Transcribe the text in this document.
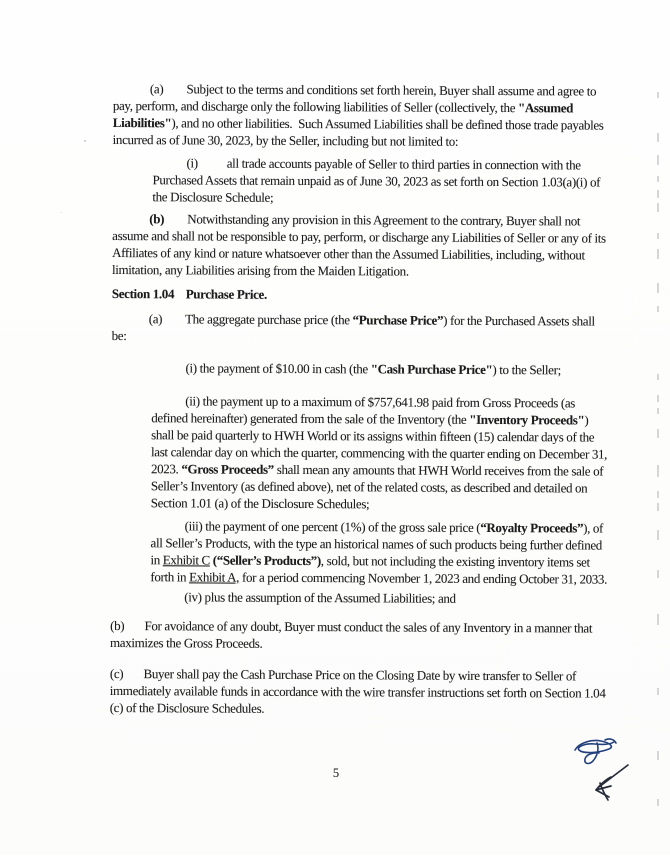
(a)        Subject to the terms and conditions set forth herein, Buyer shall assume and agree to pay, perform, and discharge only the following liabilities of Seller (collectively, the "Assumed Liabilities"), and no other liabilities.  Such Assumed Liabilities shall be defined those trade payables incurred as of June 30, 2023, by the Seller, including but not limited to:

(i)          all trade accounts payable of Seller to third parties in connection with the Purchased Assets that remain unpaid as of June 30, 2023 as set forth on Section 1.03(a)(i) of the Disclosure Schedule;

(b)        Notwithstanding any provision in this Agreement to the contrary, Buyer shall not assume and shall not be responsible to pay, perform, or discharge any Liabilities of Seller or any of its Affiliates of any kind or nature whatsoever other than the Assumed Liabilities, including, without limitation, any Liabilities arising from the Maiden Litigation.

Section 1.04    Purchase Price.

(a)        The aggregate purchase price (the “Purchase Price”) for the Purchased Assets shall be:

(i) the payment of $10.00 in cash (the "Cash Purchase Price") to the Seller;

(ii) the payment up to a maximum of $757,641.98 paid from Gross Proceeds (as defined hereinafter) generated from the sale of the Inventory (the "Inventory Proceeds") shall be paid quarterly to HWH World or its assigns within fifteen (15) calendar days of the last calendar day on which the quarter, commencing with the quarter ending on December 31, 2023. “Gross Proceeds” shall mean any amounts that HWH World receives from the sale of Seller’s Inventory (as defined above), net of the related costs, as described and detailed on Section 1.01 (a) of the Disclosure Schedules;

(iii) the payment of one percent (1%) of the gross sale price (“Royalty Proceeds”), of all Seller’s Products, with the type an historical names of such products being further defined in Exhibit C (“Seller’s Products”), sold, but not including the existing inventory items set forth in Exhibit A, for a period commencing November 1, 2023 and ending October 31, 2033.

(iv) plus the assumption of the Assumed Liabilities; and

(b)       For avoidance of any doubt, Buyer must conduct the sales of any Inventory in a manner that maximizes the Gross Proceeds.

(c)       Buyer shall pay the Cash Purchase Price on the Closing Date by wire transfer to Seller of immediately available funds in accordance with the wire transfer instructions set forth on Section 1.04 (c) of the Disclosure Schedules.

5
